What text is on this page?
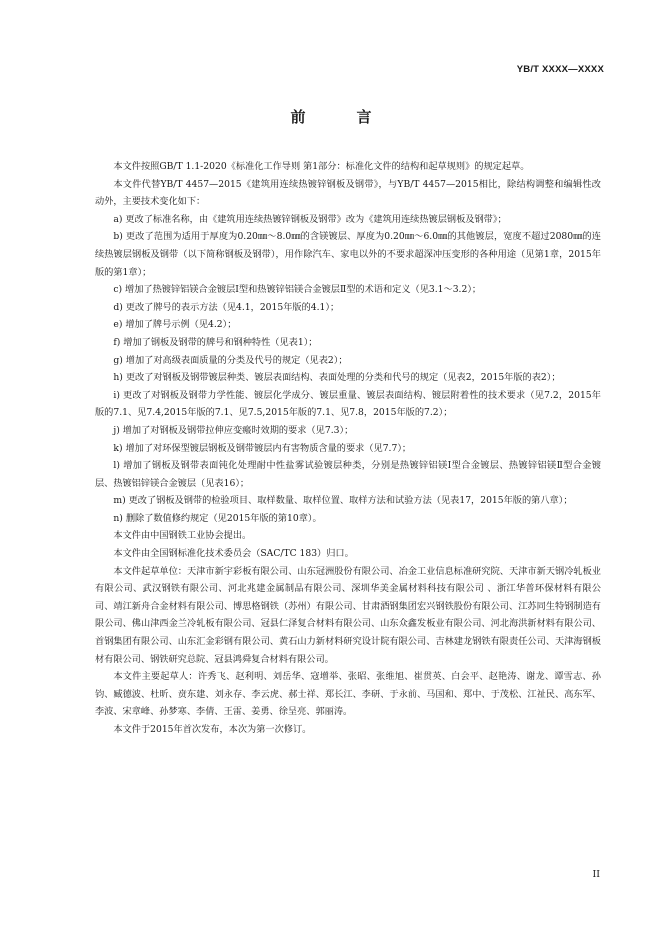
YB/T XXXX—XXXX
前　言

本文件按照GB/T 1.1-2020《标准化工作导则 第1部分：标准化文件的结构和起草规则》的规定起草。

本文件代替YB/T 4457—2015《建筑用连续热镀锌钢板及钢带》，与YB/T 4457—2015相比，除结构调整和编辑性改动外，主要技术变化如下：

a) 更改了标准名称，由《建筑用连续热镀锌钢板及钢带》改为《建筑用连续热镀层钢板及钢带》；

b) 更改了范围为适用于厚度为0.20㎜～8.0㎜的含镁镀层、厚度为0.20㎜～6.0㎜的其他镀层，宽度不超过2080㎜的连续热镀层钢板及钢带（以下简称钢板及钢带），用作除汽车、家电以外的不要求超深冲压变形的各种用途（见第1章，2015年版的第1章）；

c) 增加了热镀锌铝镁合金镀层Ⅰ型和热镀锌铝镁合金镀层Ⅱ型的术语和定义（见3.1～3.2）；

d) 更改了牌号的表示方法（见4.1，2015年版的4.1）；

e) 增加了牌号示例（见4.2）；

f) 增加了钢板及钢带的牌号和钢种特性（见表1）；

g) 增加了对高级表面质量的分类及代号的规定（见表2）；

h) 更改了对钢板及钢带镀层种类、镀层表面结构、表面处理的分类和代号的规定（见表2，2015年版的表2）；

i) 更改了对钢板及钢带力学性能、镀层化学成分、镀层重量、镀层表面结构、镀层附着性的技术要求（见7.2，2015年版的7.1、见7.4,2015年版的7.1、见7.5,2015年版的7.1、见7.8，2015年版的7.2）；

j) 增加了对钢板及钢带拉伸应变瘢时效期的要求（见7.3）；

k) 增加了对环保型镀层钢板及钢带镀层内有害物质含量的要求（见7.7）；

l) 增加了钢板及钢带表面钝化处理耐中性盐雾试验镀层种类，分别是热镀锌铝镁Ⅰ型合金镀层、热镀锌铝镁Ⅱ型合金镀层、热镀铝锌镁合金镀层（见表16）；

m) 更改了钢板及钢带的检验项目、取样数量、取样位置、取样方法和试验方法（见表17，2015年版的第八章）；

n) 删除了数值修约规定（见2015年版的第10章）。

本文件由中国钢铁工业协会提出。

本文件由全国钢标准化技术委员会（SAC/TC 183）归口。

本文件起草单位：天津市新宇彩板有限公司、山东冠洲股份有限公司、冶金工业信息标准研究院、天津市新天钢冷轧板业有限公司、武汉钢铁有限公司、河北兆建金属制品有限公司、深圳华美金属材料科技有限公司 、浙江华普环保材料有限公司、靖江新舟合金材料有限公司、博思格钢铁（苏州）有限公司、甘肃酒钢集团宏兴钢铁股份有限公司、江苏同生特钢制造有限公司、佛山津西金兰冷轧板有限公司、冠县仁泽复合材料有限公司、山东众鑫发板业有限公司、河北海洪新材料有限公司、首钢集团有限公司、山东汇金彩钢有限公司、黄石山力新材料研究设计院有限公司、吉林建龙钢铁有限责任公司、天津海钢板材有限公司、钢铁研究总院、冠县鸿舜复合材料有限公司。

本文件主要起草人：许秀飞、赵利明、刘岳华、寇增举、张昭、张维旭、崔贯英、白会平、赵艳涛、谢龙、谭雪志、孙钧、臧德波、杜昕、贲东建、刘永存、李云虎、郝士祥、郑长江、李研、于永前、马国和、郑中、于茂松、江祉民、高东军、李波、宋章峰、孙梦寒、李倩、王雷、姜勇、徐呈亮、郭丽涛。

本文件于2015年首次发布，本次为第一次修订。

II
